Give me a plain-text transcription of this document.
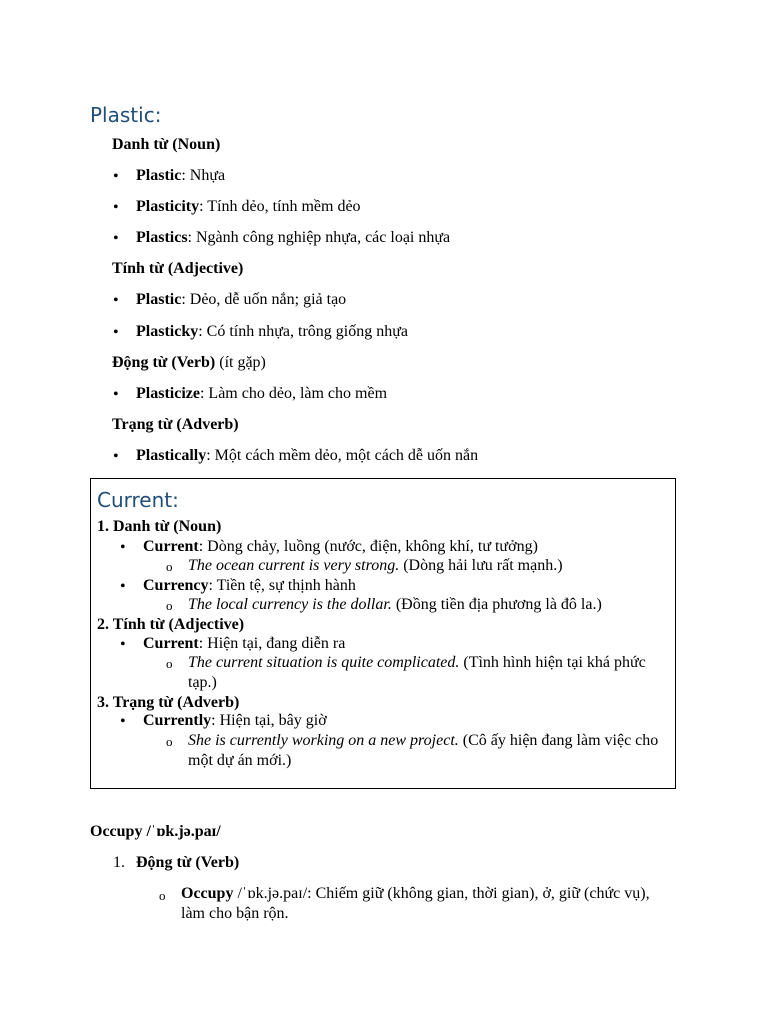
Plastic:
Danh từ (Noun)
• Plastic: Nhựa
• Plasticity: Tính dẻo, tính mềm dẻo
• Plastics: Ngành công nghiệp nhựa, các loại nhựa
Tính từ (Adjective)
• Plastic: Dẻo, dễ uốn nắn; giả tạo
• Plasticky: Có tính nhựa, trông giống nhựa
Động từ (Verb) (ít gặp)
• Plasticize: Làm cho dẻo, làm cho mềm
Trạng từ (Adverb)
• Plastically: Một cách mềm dẻo, một cách dễ uốn nắn
Current:
1. Danh từ (Noun)
• Current: Dòng chảy, luồng (nước, điện, không khí, tư tưởng)
o The ocean current is very strong. (Dòng hải lưu rất mạnh.)
• Currency: Tiền tệ, sự thịnh hành
o The local currency is the dollar. (Đồng tiền địa phương là đô la.)
2. Tính từ (Adjective)
• Current: Hiện tại, đang diễn ra
o The current situation is quite complicated. (Tình hình hiện tại khá phức tạp.)
3. Trạng từ (Adverb)
• Currently: Hiện tại, bây giờ
o She is currently working on a new project. (Cô ấy hiện đang làm việc cho một dự án mới.)
Occupy /ˈɒk.jə.paɪ/
1. Động từ (Verb)
o Occupy /ˈɒk.jə.paɪ/: Chiếm giữ (không gian, thời gian), ở, giữ (chức vụ), làm cho bận rộn.
